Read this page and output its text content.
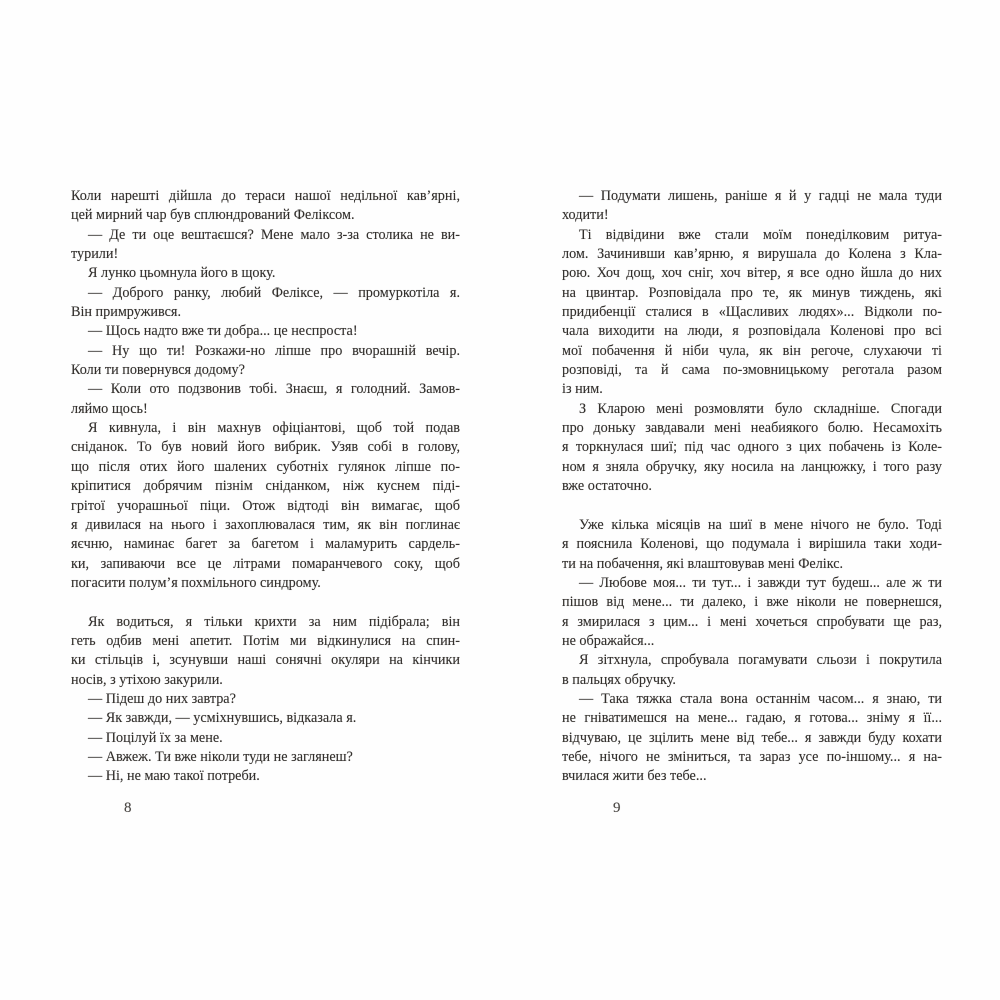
Коли нарешті дійшла до тераси нашої недільної кав’ярні,
цей мирний чар був сплюндрований Феліксом.
— Де ти оце вештаєшся? Мене мало з-за столика не ви-
турили!
Я лунко цьомнула його в щоку.
— Доброго ранку, любий Феліксе, — промуркотіла я.
Він примружився.
— Щось надто вже ти добра... це неспроста!
— Ну що ти! Розкажи-но ліпше про вчорашній вечір.
Коли ти повернувся додому?
— Коли ото подзвонив тобі. Знаєш, я голодний. Замов-
ляймо щось!
Я кивнула, і він махнув офіціантові, щоб той подав
сніданок. То був новий його вибрик. Узяв собі в голову,
що після отих його шалених суботніх гулянок ліпше по-
кріпитися добрячим пізнім сніданком, ніж куснем піді-
грітої учорашньої піци. Отож відтоді він вимагає, щоб
я дивилася на нього і захоплювалася тим, як він поглинає
яєчню, наминає багет за багетом і маламурить сардель-
ки, запиваючи все це літрами помаранчевого соку, щоб
погасити полум’я похмільного синдрому.

Як водиться, я тільки крихти за ним підібрала; він
геть одбив мені апетит. Потім ми відкинулися на спин-
ки стільців і, зсунувши наші сонячні окуляри на кінчики
носів, з утіхою закурили.
— Підеш до них завтра?
— Як завжди, — усміхнувшись, відказала я.
— Поцілуй їх за мене.
— Авжеж. Ти вже ніколи туди не заглянеш?
— Ні, не маю такої потреби.
8
— Подумати лишень, раніше я й у гадці не мала туди
ходити!
Ті відвідини вже стали моїм понеділковим ритуа-
лом. Зачинивши кав’ярню, я вирушала до Колена з Кла-
рою. Хоч дощ, хоч сніг, хоч вітер, я все одно йшла до них
на цвинтар. Розповідала про те, як минув тиждень, які
придибенції сталися в «Щасливих людях»... Відколи по-
чала виходити на люди, я розповідала Коленові про всі
мої побачення й ніби чула, як він регоче, слухаючи ті
розповіді, та й сама по-змовницькому реготала разом
із ним.
З Кларою мені розмовляти було складніше. Спогади
про доньку завдавали мені неабиякого болю. Несамохіть
я торкнулася шиї; під час одного з цих побачень із Коле-
ном я зняла обручку, яку носила на ланцюжку, і того разу
вже остаточно.

Уже кілька місяців на шиї в мене нічого не було. Тоді
я пояснила Коленові, що подумала і вирішила таки ходи-
ти на побачення, які влаштовував мені Фелікс.
— Любове моя... ти тут... і завжди тут будеш... але ж ти
пішов від мене... ти далеко, і вже ніколи не повернешся,
я змирилася з цим... і мені хочеться спробувати ще раз,
не ображайся...
Я зітхнула, спробувала погамувати сльози і покрутила
в пальцях обручку.
— Така тяжка стала вона останнім часом... я знаю, ти
не гніватимешся на мене... гадаю, я готова... зніму я її...
відчуваю, це зцілить мене від тебе... я завжди буду кохати
тебе, нічого не зміниться, та зараз усе по-іншому... я на-
вчилася жити без тебе...
9
